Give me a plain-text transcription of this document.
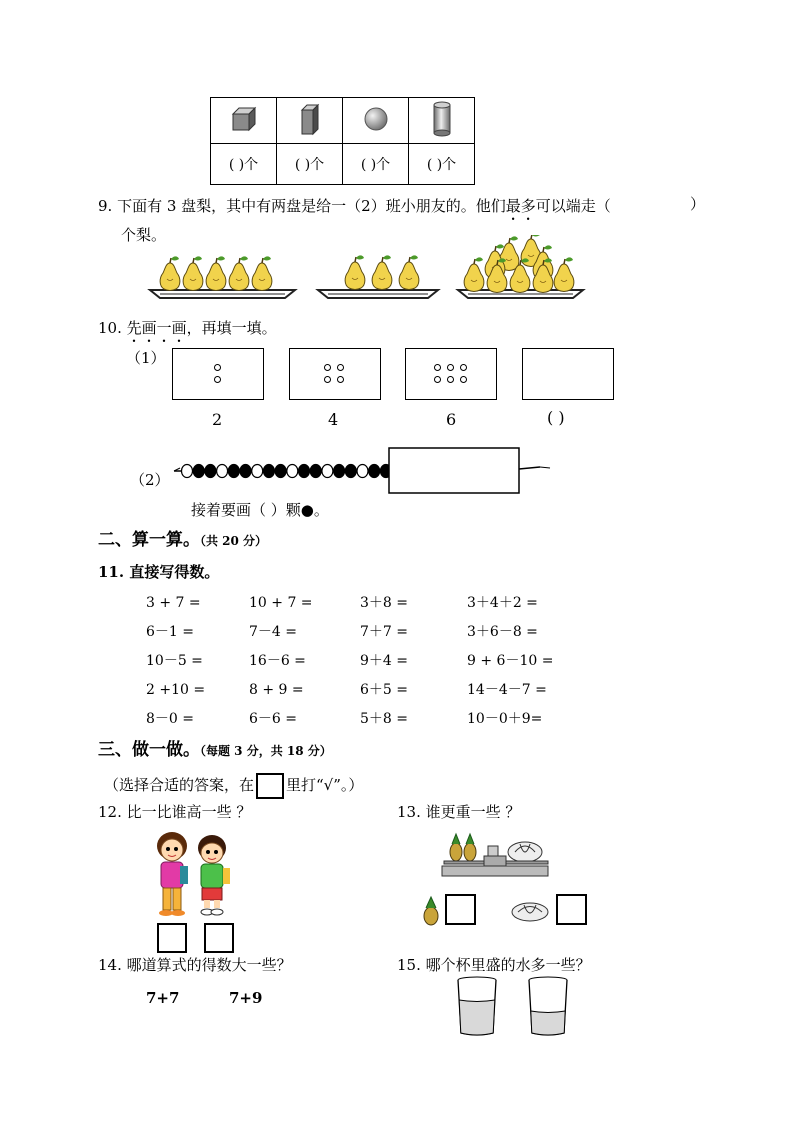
( )个	( )个	( )个	( )个
9. 下面有 3 盘梨，其中有两盘是给一（2）班小朋友的。他们最多可以端走（	）
个梨。
10. 先画一画，再填一填。
（1）
2	4	6	( )
（2）
接着要画（ ）颗●。
二、算一算。（共 20 分）
11. 直接写得数。
3 + 7 =	10 + 7 =	3＋8 =	3＋4＋2 =
6－1 =	7－4 =	7＋7 =	3＋6－8 =
10－5 =	16－6 =	9＋4 =	9 + 6－10 =
2 +10 =	8 + 9 =	6＋5 =	14－4－7 =
8－0 =	6－6 =	5＋8 =	10－0＋9=
三、做一做。（每题 3 分，共 18 分）
（选择合适的答案，在 里打“√”。）
12. 比一比谁高一些 ？	13. 谁更重一些 ？
14. 哪道算式的得数大一些？
7+7	7+9
15. 哪个杯里盛的水多一些？
